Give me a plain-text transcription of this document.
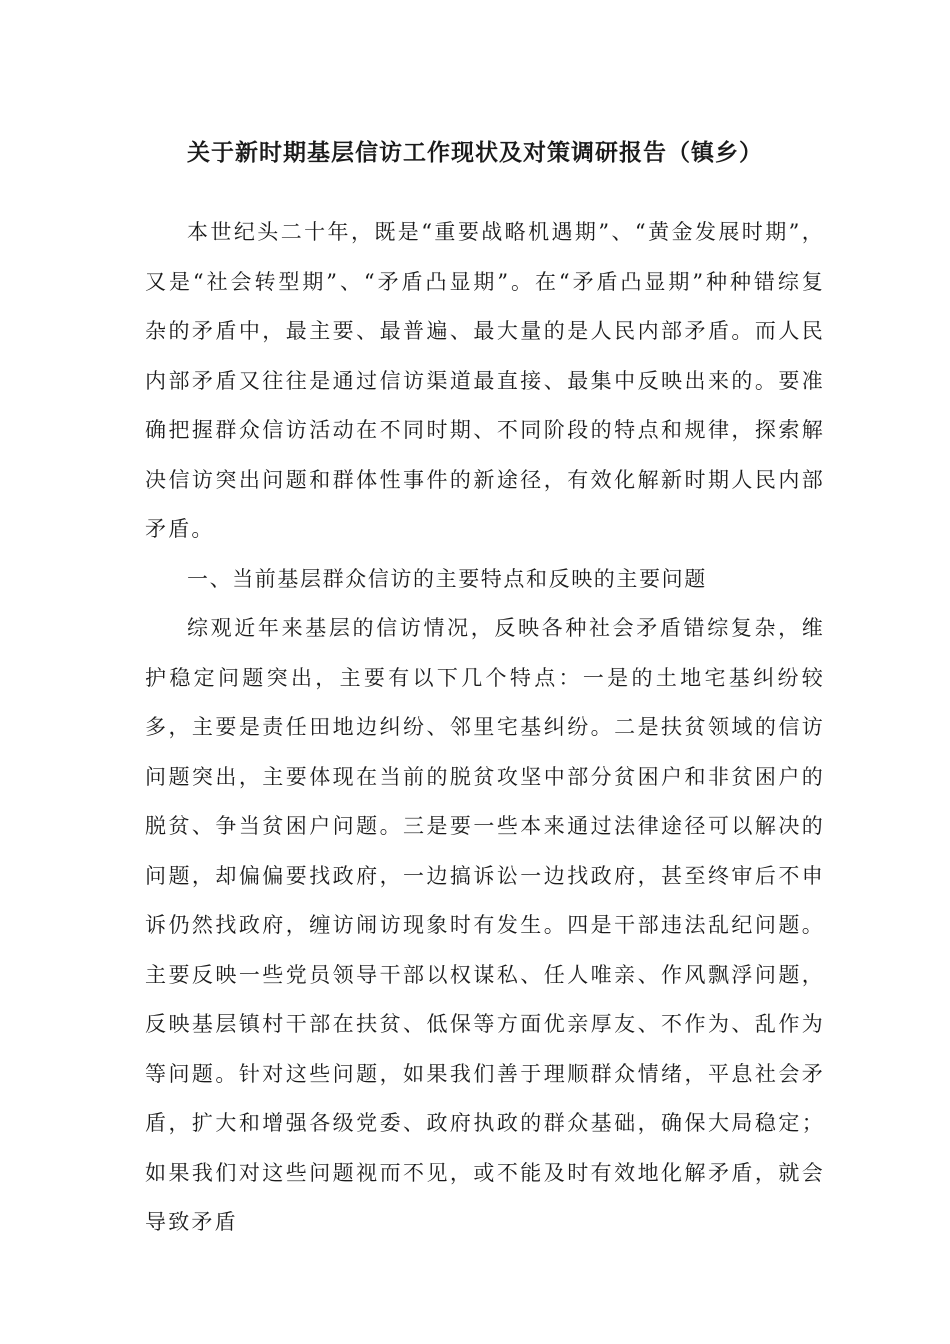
关于新时期基层信访工作现状及对策调研报告（镇乡）

本世纪头二十年，既是“重要战略机遇期”、“黄金发展时期”，又是“社会转型期”、“矛盾凸显期”。在“矛盾凸显期”种种错综复杂的矛盾中，最主要、最普遍、最大量的是人民内部矛盾。而人民内部矛盾又往往是通过信访渠道最直接、最集中反映出来的。要准确把握群众信访活动在不同时期、不同阶段的特点和规律，探索解决信访突出问题和群体性事件的新途径，有效化解新时期人民内部矛盾。

一、当前基层群众信访的主要特点和反映的主要问题

综观近年来基层的信访情况，反映各种社会矛盾错综复杂，维护稳定问题突出，主要有以下几个特点：一是的土地宅基纠纷较多，主要是责任田地边纠纷、邻里宅基纠纷。二是扶贫领域的信访问题突出，主要体现在当前的脱贫攻坚中部分贫困户和非贫困户的脱贫、争当贫困户问题。三是要一些本来通过法律途径可以解决的问题，却偏偏要找政府，一边搞诉讼一边找政府，甚至终审后不申诉仍然找政府，缠访闹访现象时有发生。四是干部违法乱纪问题。主要反映一些党员领导干部以权谋私、任人唯亲、作风飘浮问题，反映基层镇村干部在扶贫、低保等方面优亲厚友、不作为、乱作为等问题。针对这些问题，如果我们善于理顺群众情绪，平息社会矛盾，扩大和增强各级党委、政府执政的群众基础，确保大局稳定；如果我们对这些问题视而不见，或不能及时有效地化解矛盾，就会导致矛盾
